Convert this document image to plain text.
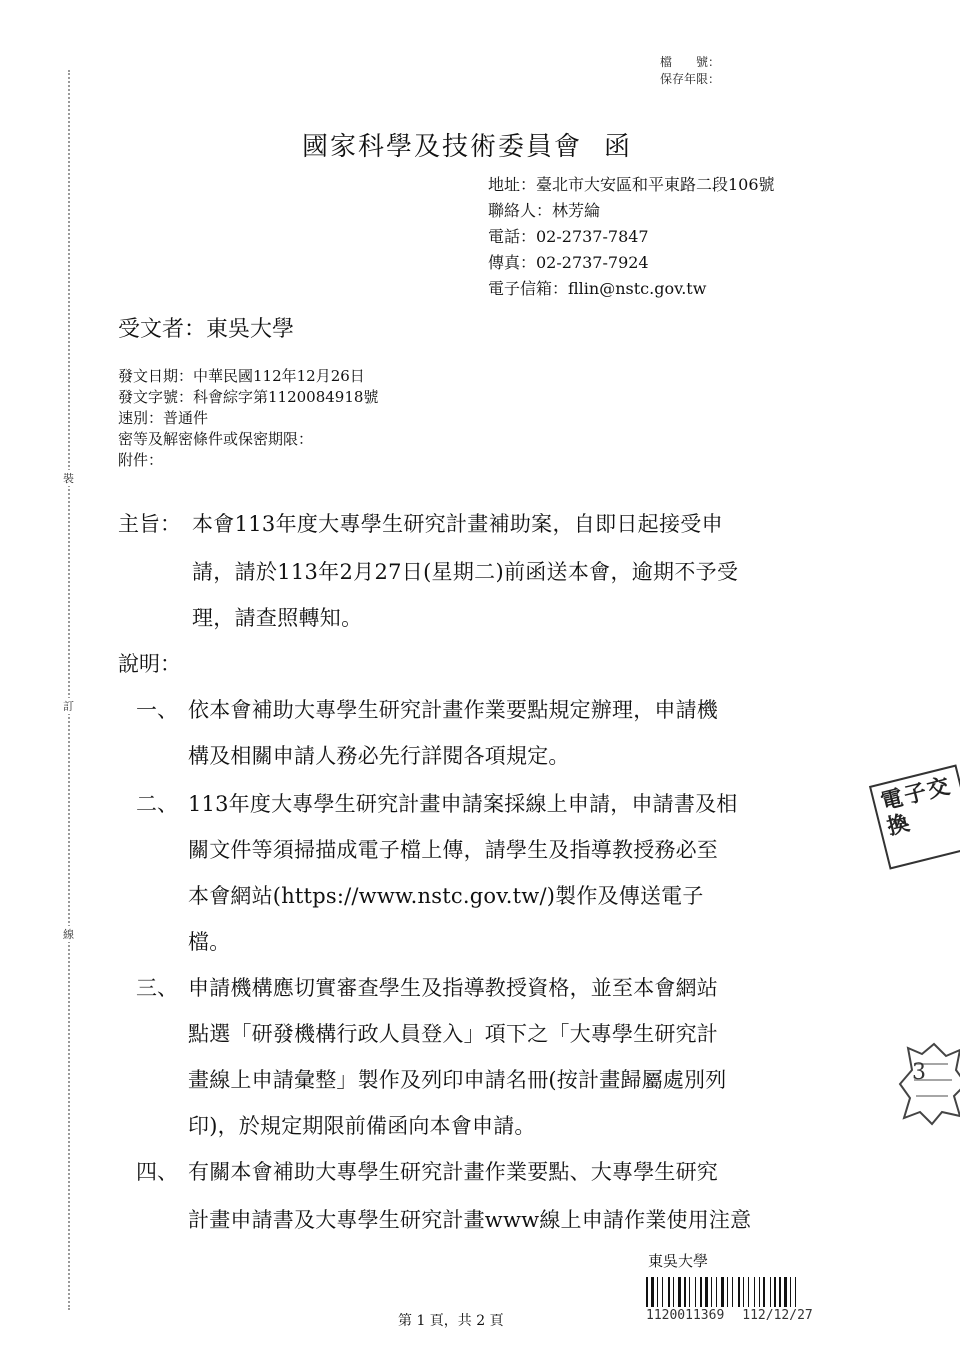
裝
訂
線
檔　　號：
保存年限：
國家科學及技術委員會 函
地址：臺北市大安區和平東路二段106號
聯絡人：林芳綸
電話：02-2737-7847
傳真：02-2737-7924
電子信箱：fllin@nstc.gov.tw
受文者：東吳大學
發文日期：中華民國112年12月26日
發文字號：科會綜字第1120084918號
速別：普通件
密等及解密條件或保密期限：
附件：
主旨： 本會113年度大專學生研究計畫補助案，自即日起接受申
請，請於113年2月27日(星期二)前函送本會，逾期不予受
理，請查照轉知。
說明：
一、 依本會補助大專學生研究計畫作業要點規定辦理，申請機
構及相關申請人務必先行詳閱各項規定。
二、 113年度大專學生研究計畫申請案採線上申請，申請書及相
關文件等須掃描成電子檔上傳，請學生及指導教授務必至
本會網站(https://www.nstc.gov.tw/)製作及傳送電子
檔。
三、 申請機構應切實審查學生及指導教授資格，並至本會網站
點選「研發機構行政人員登入」項下之「大專學生研究計
畫線上申請彙整」製作及列印申請名冊(按計畫歸屬處別列
印)，於規定期限前備函向本會申請。
四、 有關本會補助大專學生研究計畫作業要點、大專學生研究
計畫申請書及大專學生研究計畫www線上申請作業使用注意
電子交換
3
第 1 頁，共 2 頁
東吳大學
1120011369 112/12/27
